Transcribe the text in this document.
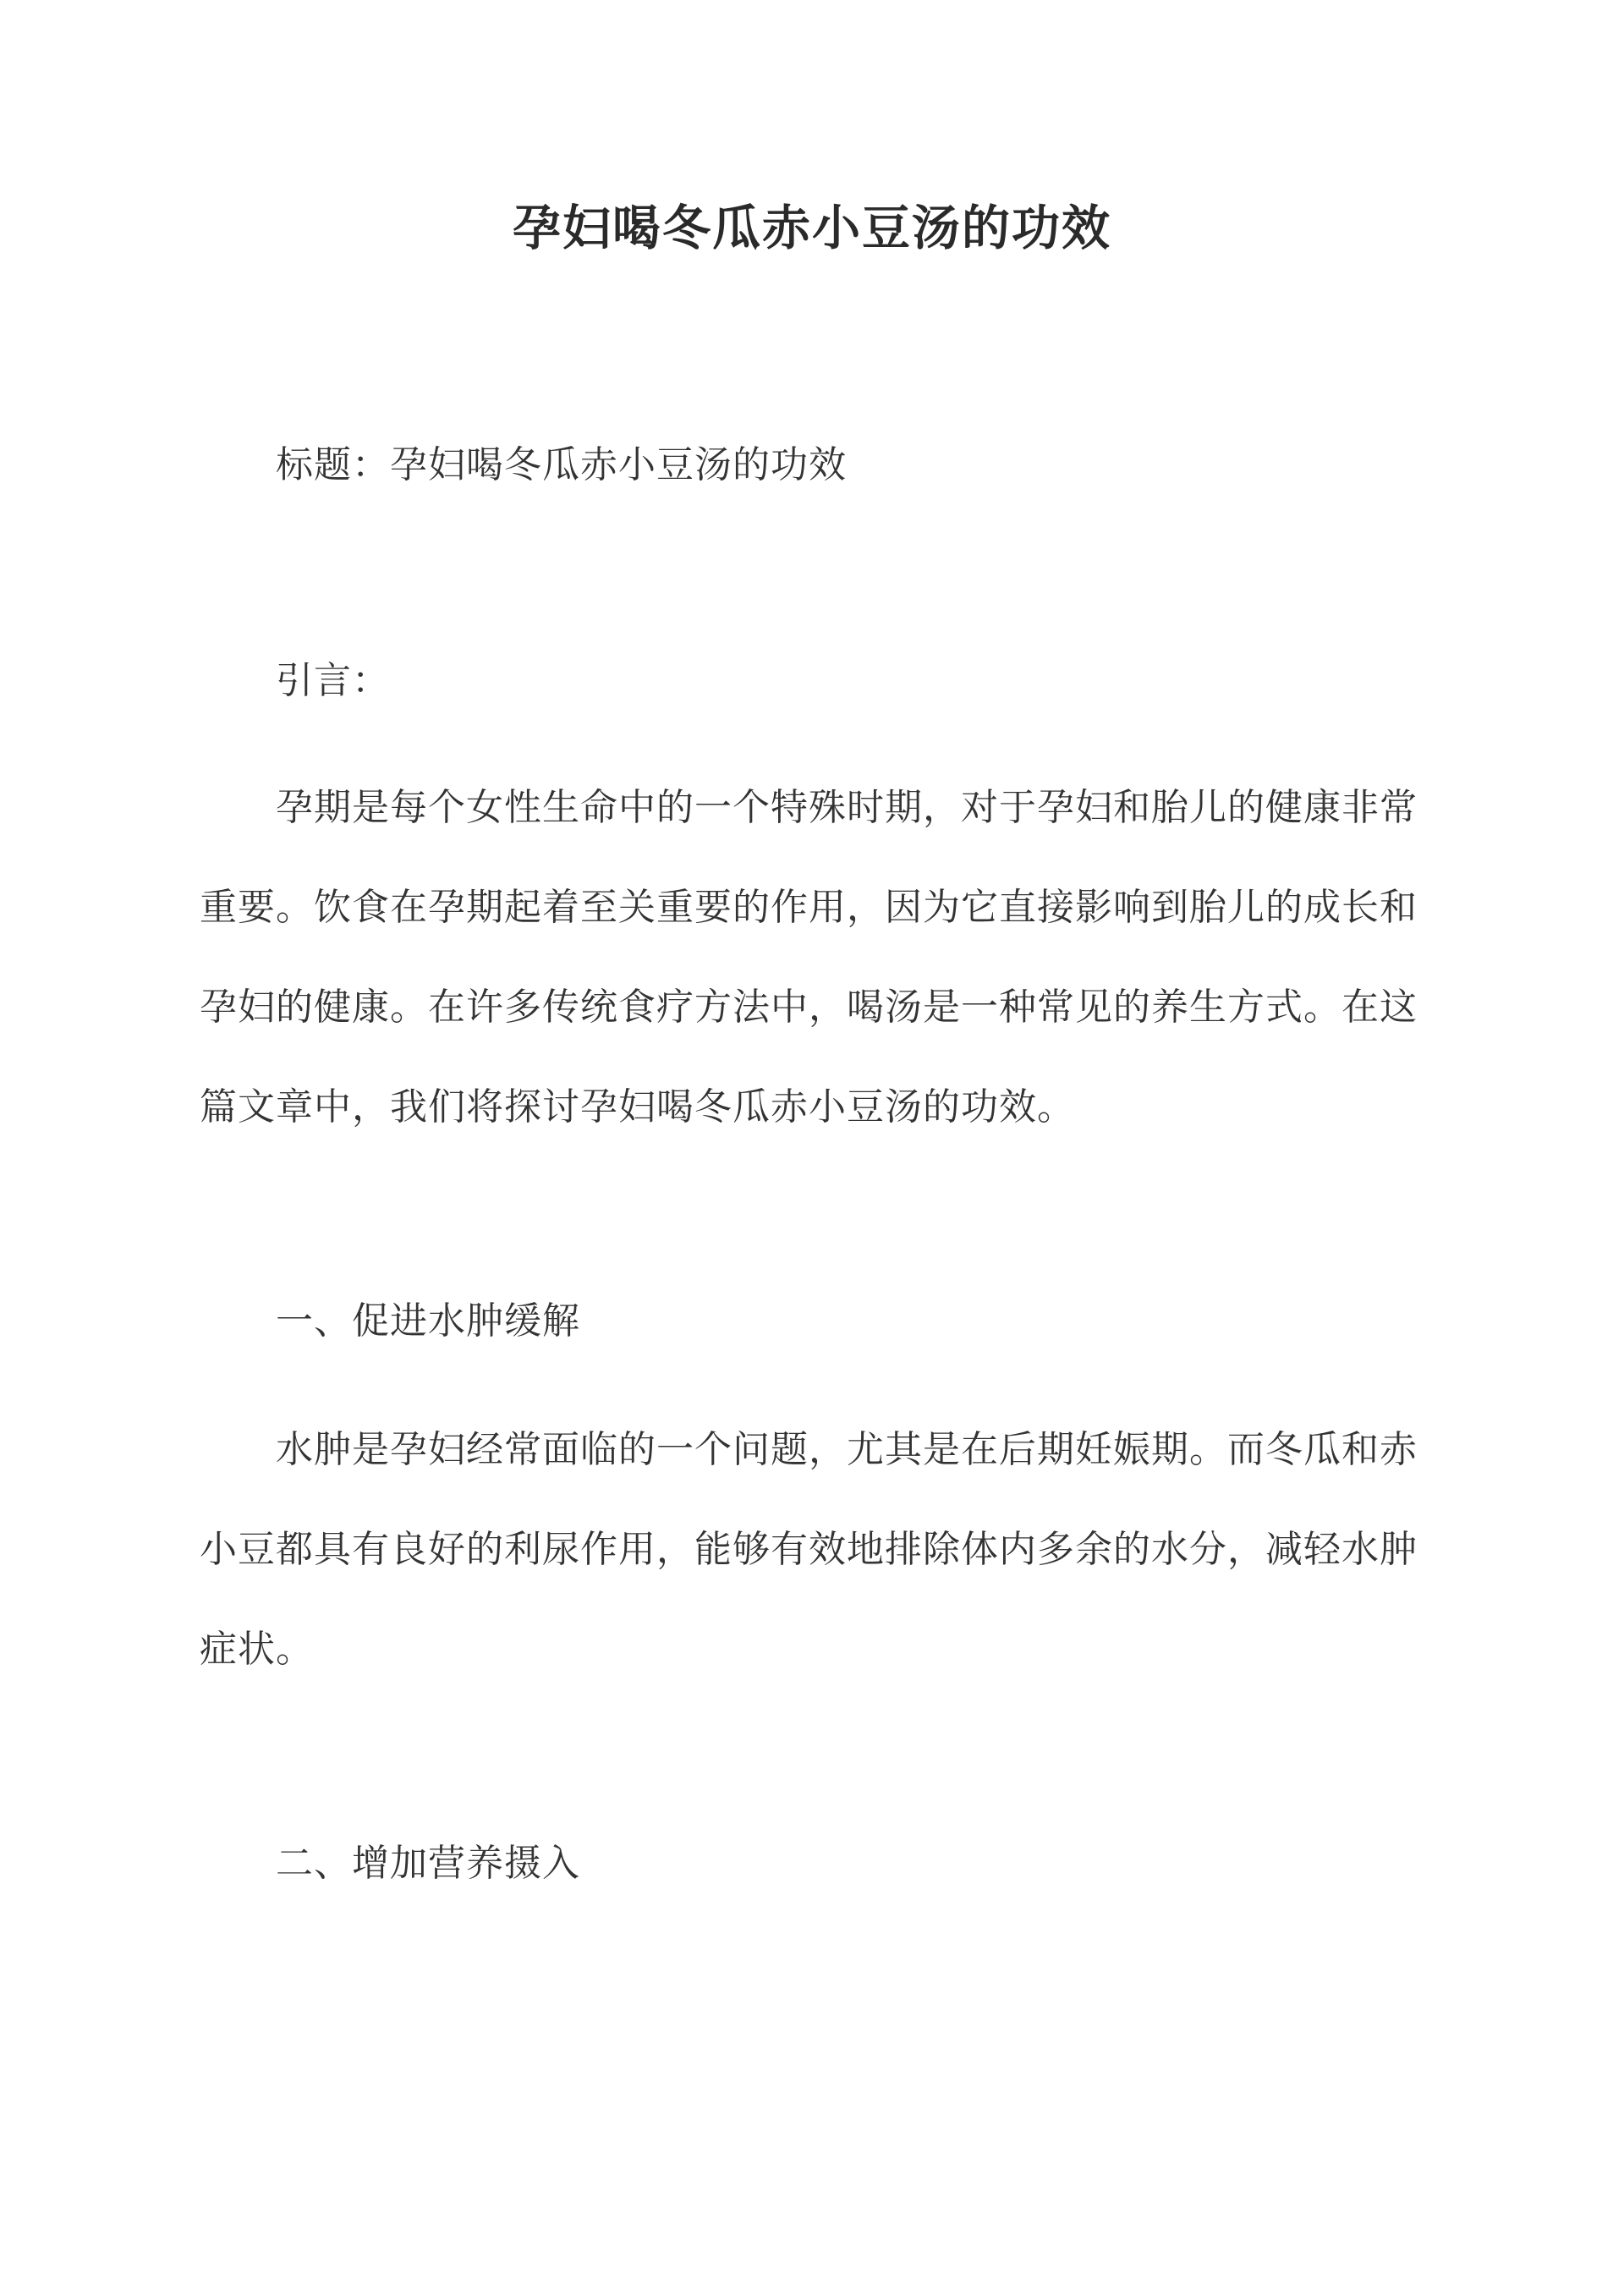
孕妇喝冬瓜赤小豆汤的功效

标题：孕妇喝冬瓜赤小豆汤的功效

引言：

孕期是每个女性生命中的一个特殊时期，对于孕妇和胎儿的健康非常

重要。饮食在孕期起着至关重要的作用，因为它直接影响到胎儿的成长和

孕妇的健康。在许多传统食疗方法中，喝汤是一种常见的养生方式。在这

篇文章中，我们将探讨孕妇喝冬瓜赤小豆汤的功效。

一、促进水肿缓解

水肿是孕妇经常面临的一个问题，尤其是在后期妊娠期。而冬瓜和赤

小豆都具有良好的利尿作用，能够有效地排除体内多余的水分，减轻水肿

症状。

二、增加营养摄入
